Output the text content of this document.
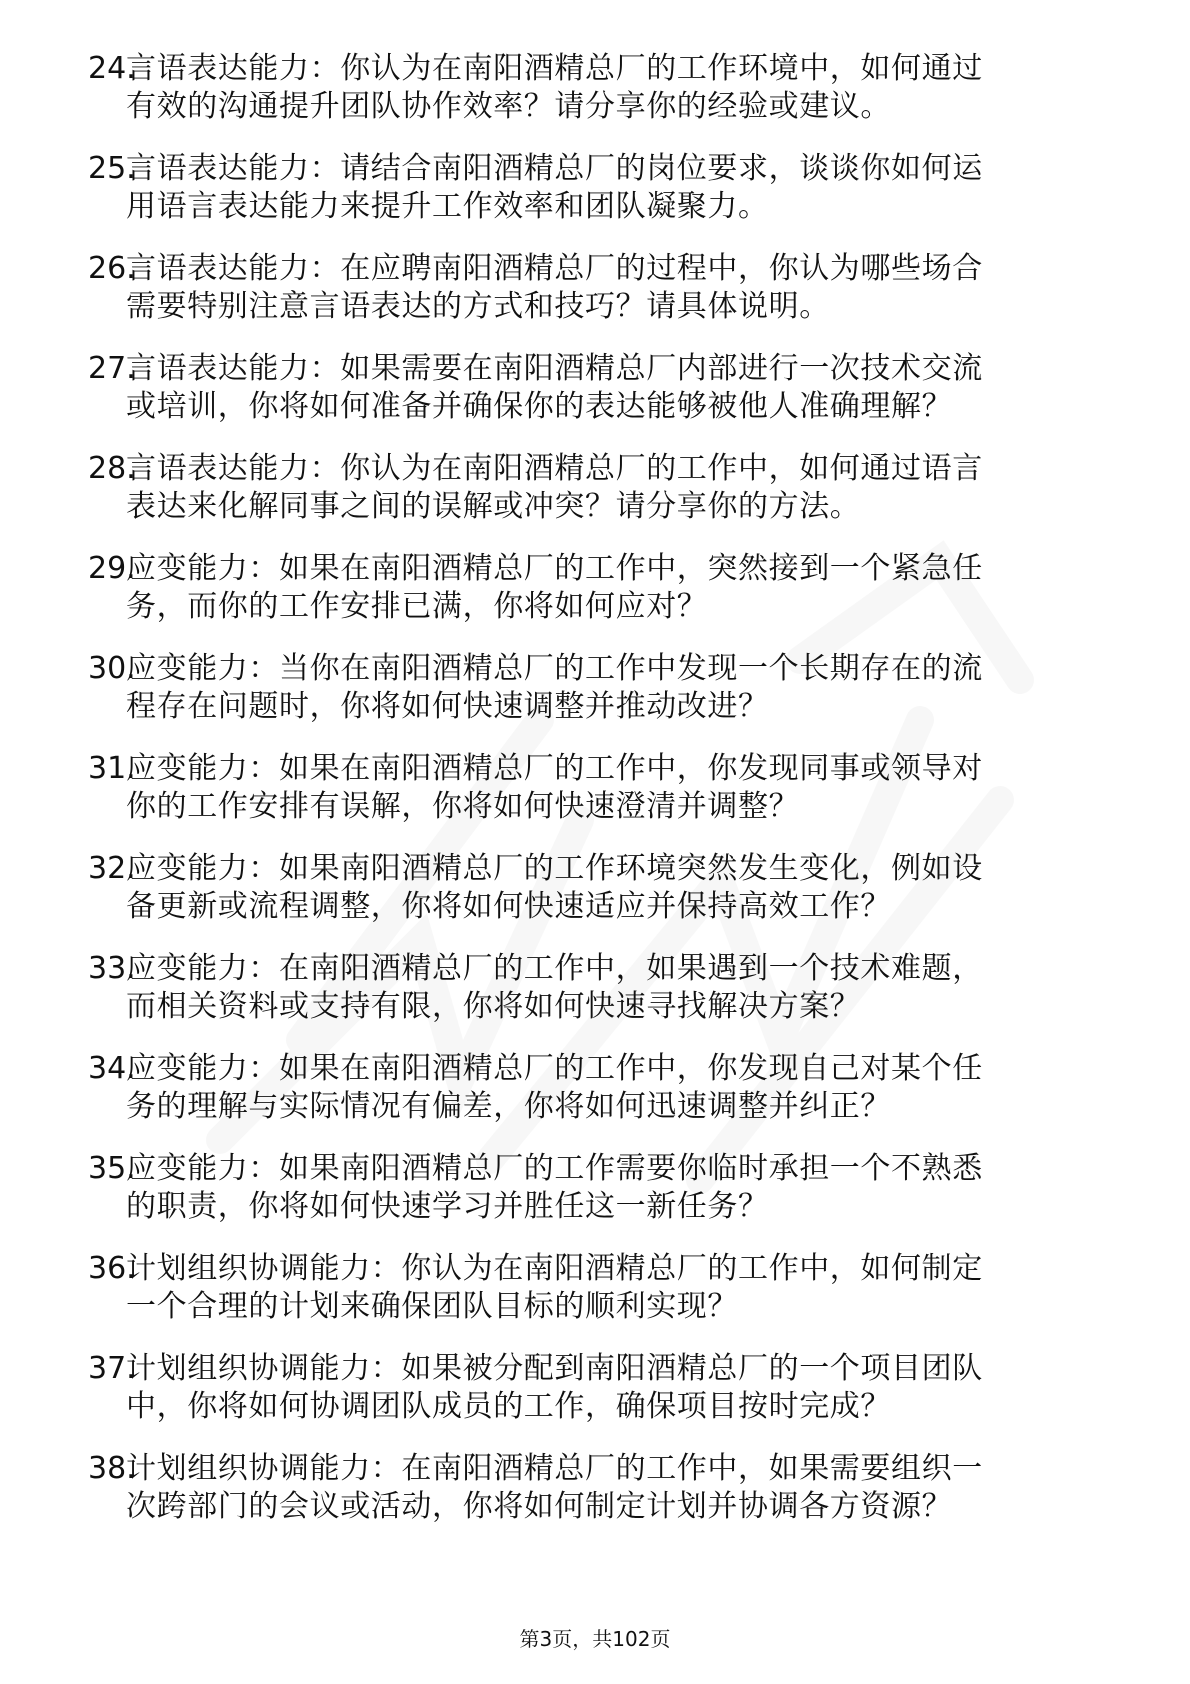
24.

言语表达能力：你认为在南阳酒精总厂的工作环境中，如何通过
有效的沟通提升团队协作效率？请分享你的经验或建议。

25.

言语表达能力：请结合南阳酒精总厂的岗位要求，谈谈你如何运
用语言表达能力来提升工作效率和团队凝聚力。

26.

言语表达能力：在应聘南阳酒精总厂的过程中，你认为哪些场合
需要特别注意言语表达的方式和技巧？请具体说明。

27.

言语表达能力：如果需要在南阳酒精总厂内部进行一次技术交流
或培训，你将如何准备并确保你的表达能够被他人准确理解？

28.

言语表达能力：你认为在南阳酒精总厂的工作中，如何通过语言
表达来化解同事之间的误解或冲突？请分享你的方法。

29.

应变能力：如果在南阳酒精总厂的工作中，突然接到一个紧急任
务，而你的工作安排已满，你将如何应对？

30.

应变能力：当你在南阳酒精总厂的工作中发现一个长期存在的流
程存在问题时，你将如何快速调整并推动改进？

31.

应变能力：如果在南阳酒精总厂的工作中，你发现同事或领导对
你的工作安排有误解，你将如何快速澄清并调整？

32.

应变能力：如果南阳酒精总厂的工作环境突然发生变化，例如设
备更新或流程调整，你将如何快速适应并保持高效工作？

33.

应变能力：在南阳酒精总厂的工作中，如果遇到一个技术难题，
而相关资料或支持有限，你将如何快速寻找解决方案？

34.

应变能力：如果在南阳酒精总厂的工作中，你发现自己对某个任
务的理解与实际情况有偏差，你将如何迅速调整并纠正？

35.

应变能力：如果南阳酒精总厂的工作需要你临时承担一个不熟悉
的职责，你将如何快速学习并胜任这一新任务？

36.

计划组织协调能力：你认为在南阳酒精总厂的工作中，如何制定
一个合理的计划来确保团队目标的顺利实现？

37.

计划组织协调能力：如果被分配到南阳酒精总厂的一个项目团队
中，你将如何协调团队成员的工作，确保项目按时完成？

38.

计划组织协调能力：在南阳酒精总厂的工作中，如果需要组织一
次跨部门的会议或活动，你将如何制定计划并协调各方资源？

第3页，共102页
